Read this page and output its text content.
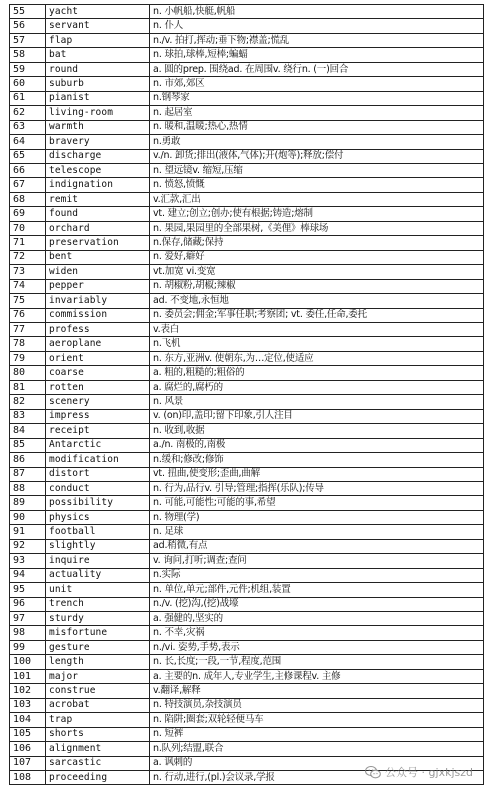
55	yacht	n. 小帆船,快艇,帆船
56	servant	n. 仆人
57	flap	n./v. 拍打,挥动;垂下物;襟盖;慌乱
58	bat	n. 球拍,球棒,短棒;蝙蝠
59	round	a. 圆的prep. 围绕ad. 在周围v. 绕行n. (一)回合
60	suburb	n. 市郊,郊区
61	pianist	n.钢琴家
62	living-room	n. 起居室
63	warmth	n. 暖和,温暖;热心,热情
64	bravery	n.勇敢
65	discharge	v./n. 卸货;排出(液体,气体);开(炮等);释放;偿付
66	telescope	n. 望远镜v. 缩短,压缩
67	indignation	n. 愤怒,愤慨
68	remit	v.汇款,汇出
69	found	vt. 建立;创立;创办;使有根据;铸造;熔制
70	orchard	n. 果园,果园里的全部果树,《美俚》棒球场
71	preservation	n.保存,储藏;保持
72	bent	n. 爱好,癖好
73	widen	vt.加宽 vi.变宽
74	pepper	n. 胡椒粉,胡椒;辣椒
75	invariably	ad. 不变地,永恒地
76	commission	n. 委员会;佣金;军事任职;考察团; vt. 委任,任命,委托
77	profess	v.表白
78	aeroplane	n.飞机
79	orient	n. 东方,亚洲v. 使朝东,为…定位,使适应
80	coarse	a. 粗的,粗糙的;粗俗的
81	rotten	a. 腐烂的,腐朽的
82	scenery	n. 风景
83	impress	v. (on)印,盖印;留下印象,引人注目
84	receipt	n. 收到,收据
85	Antarctic	a./n. 南极的,南极
86	modification	n.缓和;修改;修饰
87	distort	vt. 扭曲,使变形;歪曲,曲解
88	conduct	n. 行为,品行v. 引导;管理;指挥(乐队);传导
89	possibility	n. 可能,可能性;可能的事,希望
90	physics	n. 物理(学)
91	football	n. 足球
92	slightly	ad.稍微,有点
93	inquire	v. 询问,打听;调查;查问
94	actuality	n.实际
95	unit	n. 单位,单元;部件,元件;机组,装置
96	trench	n./v. (挖)沟,(挖)战壕
97	sturdy	a. 强健的,坚实的
98	misfortune	n. 不幸,灾祸
99	gesture	n./vi. 姿势,手势,表示
100	length	n. 长,长度;一段,一节,程度,范围
101	major	a. 主要的n. 成年人,专业学生,主修课程v. 主修
102	construe	v.翻译,解释
103	acrobat	n. 特技演员,杂技演员
104	trap	n. 陷阱;圈套;双轮轻便马车
105	shorts	n. 短裤
106	alignment	n.队列;结盟,联合
107	sarcastic	a. 讽刺的
108	proceeding	n. 行动,进行,(pl.)会议录,学报	公众号 · gjxkjszd
